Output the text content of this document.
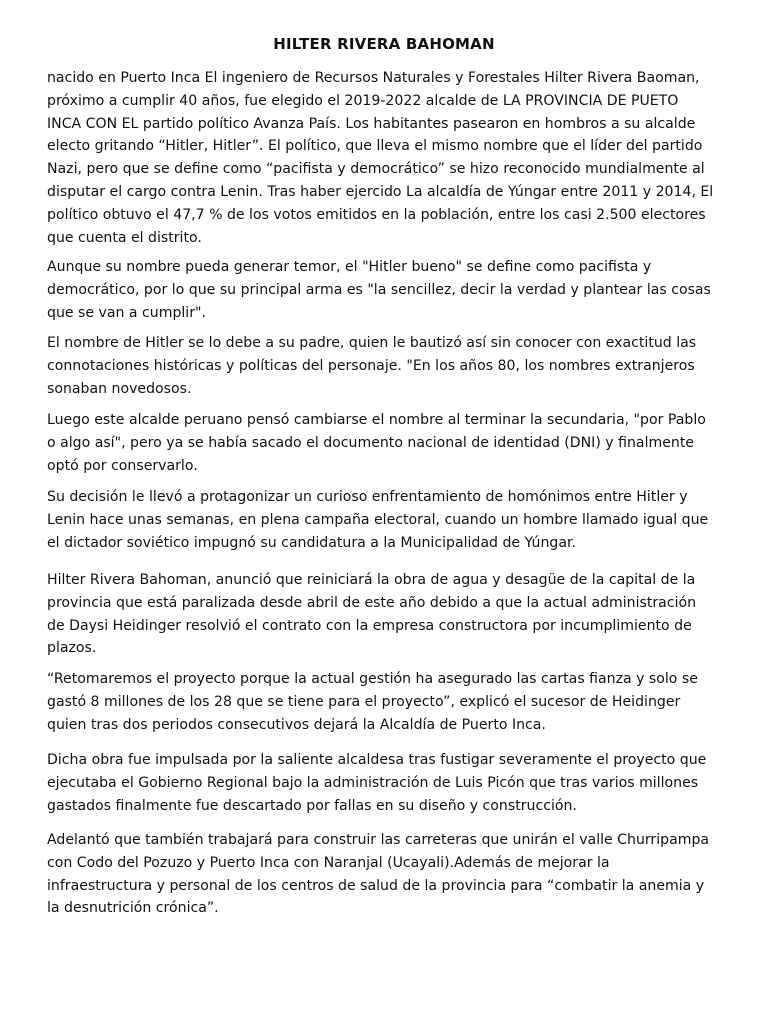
HILTER RIVERA BAHOMAN

nacido en Puerto Inca El ingeniero de Recursos Naturales y Forestales Hilter Rivera Baoman,
próximo a cumplir 40 años, fue elegido el 2019-2022 alcalde de LA PROVINCIA DE PUETO
INCA CON EL partido político Avanza País. Los habitantes pasearon en hombros a su alcalde
electo gritando “Hitler, Hitler”. El político, que lleva el mismo nombre que el líder del partido
Nazi, pero que se define como “pacifista y democrático” se hizo reconocido mundialmente al
disputar el cargo contra Lenin. Tras haber ejercido La alcaldía de Yúngar entre 2011 y 2014, El
político obtuvo el 47,7 % de los votos emitidos en la población, entre los casi 2.500 electores
que cuenta el distrito.

Aunque su nombre pueda generar temor, el "Hitler bueno" se define como pacifista y
democrático, por lo que su principal arma es "la sencillez, decir la verdad y plantear las cosas
que se van a cumplir".

El nombre de Hitler se lo debe a su padre, quien le bautizó así sin conocer con exactitud las
connotaciones históricas y políticas del personaje. "En los años 80, los nombres extranjeros
sonaban novedosos.

Luego este alcalde peruano pensó cambiarse el nombre al terminar la secundaria, "por Pablo
o algo así", pero ya se había sacado el documento nacional de identidad (DNI) y finalmente
optó por conservarlo.

Su decisión le llevó a protagonizar un curioso enfrentamiento de homónimos entre Hitler y
Lenin hace unas semanas, en plena campaña electoral, cuando un hombre llamado igual que
el dictador soviético impugnó su candidatura a la Municipalidad de Yúngar.

Hilter Rivera Bahoman, anunció que reiniciará la obra de agua y desagüe de la capital de la
provincia que está paralizada desde abril de este año debido a que la actual administración
de Daysi Heidinger resolvió el contrato con la empresa constructora por incumplimiento de
plazos.

“Retomaremos el proyecto porque la actual gestión ha asegurado las cartas fianza y solo se
gastó 8 millones de los 28 que se tiene para el proyecto”, explicó el sucesor de Heidinger
quien tras dos periodos consecutivos dejará la Alcaldía de Puerto Inca.

Dicha obra fue impulsada por la saliente alcaldesa tras fustigar severamente el proyecto que
ejecutaba el Gobierno Regional bajo la administración de Luis Picón que tras varios millones
gastados finalmente fue descartado por fallas en su diseño y construcción.

Adelantó que también trabajará para construir las carreteras que unirán el valle Churripampa
con Codo del Pozuzo y Puerto Inca con Naranjal (Ucayali).Además de mejorar la
infraestructura y personal de los centros de salud de la provincia para “combatir la anemia y
la desnutrición crónica”.
